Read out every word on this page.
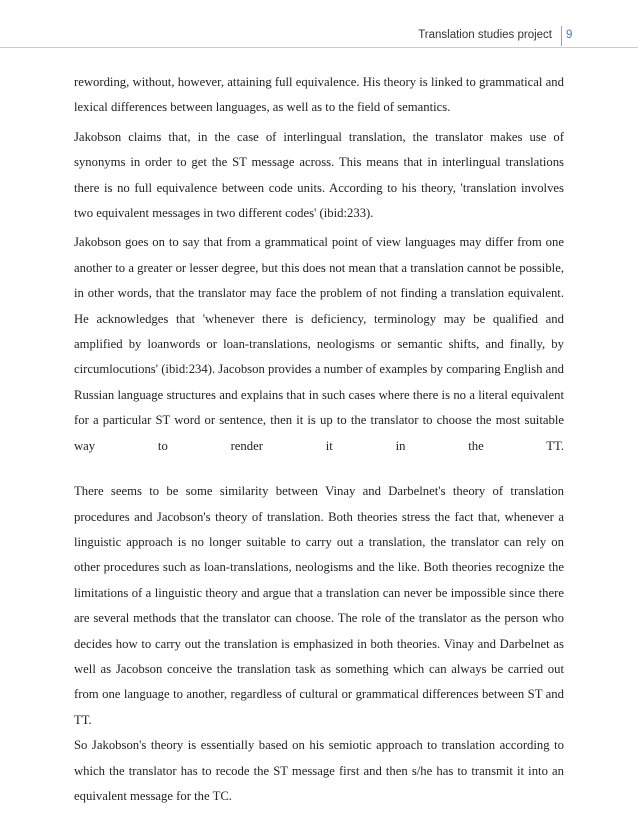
Translation studies project 9

rewording, without, however, attaining full equivalence. His theory is linked to grammatical and lexical differences between languages, as well as to the field of semantics.

Jakobson claims that, in the case of interlingual translation, the translator makes use of synonyms in order to get the ST message across. This means that in interlingual translations there is no full equivalence between code units. According to his theory, 'translation involves two equivalent messages in two different codes' (ibid:233).

Jakobson goes on to say that from a grammatical point of view languages may differ from one another to a greater or lesser degree, but this does not mean that a translation cannot be possible, in other words, that the translator may face the problem of not finding a translation equivalent. He acknowledges that 'whenever there is deficiency, terminology may be qualified and amplified by loanwords or loan-translations, neologisms or semantic shifts, and finally, by circumlocutions' (ibid:234). Jacobson provides a number of examples by comparing English and Russian language structures and explains that in such cases where there is no a literal equivalent for a particular ST word or sentence, then it is up to the translator to choose the most suitable way to render it in the TT.

There seems to be some similarity between Vinay and Darbelnet's theory of translation procedures and Jacobson's theory of translation. Both theories stress the fact that, whenever a linguistic approach is no longer suitable to carry out a translation, the translator can rely on other procedures such as loan-translations, neologisms and the like. Both theories recognize the limitations of a linguistic theory and argue that a translation can never be impossible since there are several methods that the translator can choose. The role of the translator as the person who decides how to carry out the translation is emphasized in both theories. Vinay and Darbelnet as well as Jacobson conceive the translation task as something which can always be carried out from one language to another, regardless of cultural or grammatical differences between ST and TT.

So Jakobson's theory is essentially based on his semiotic approach to translation according to which the translator has to recode the ST message first and then s/he has to transmit it into an equivalent message for the TC.
